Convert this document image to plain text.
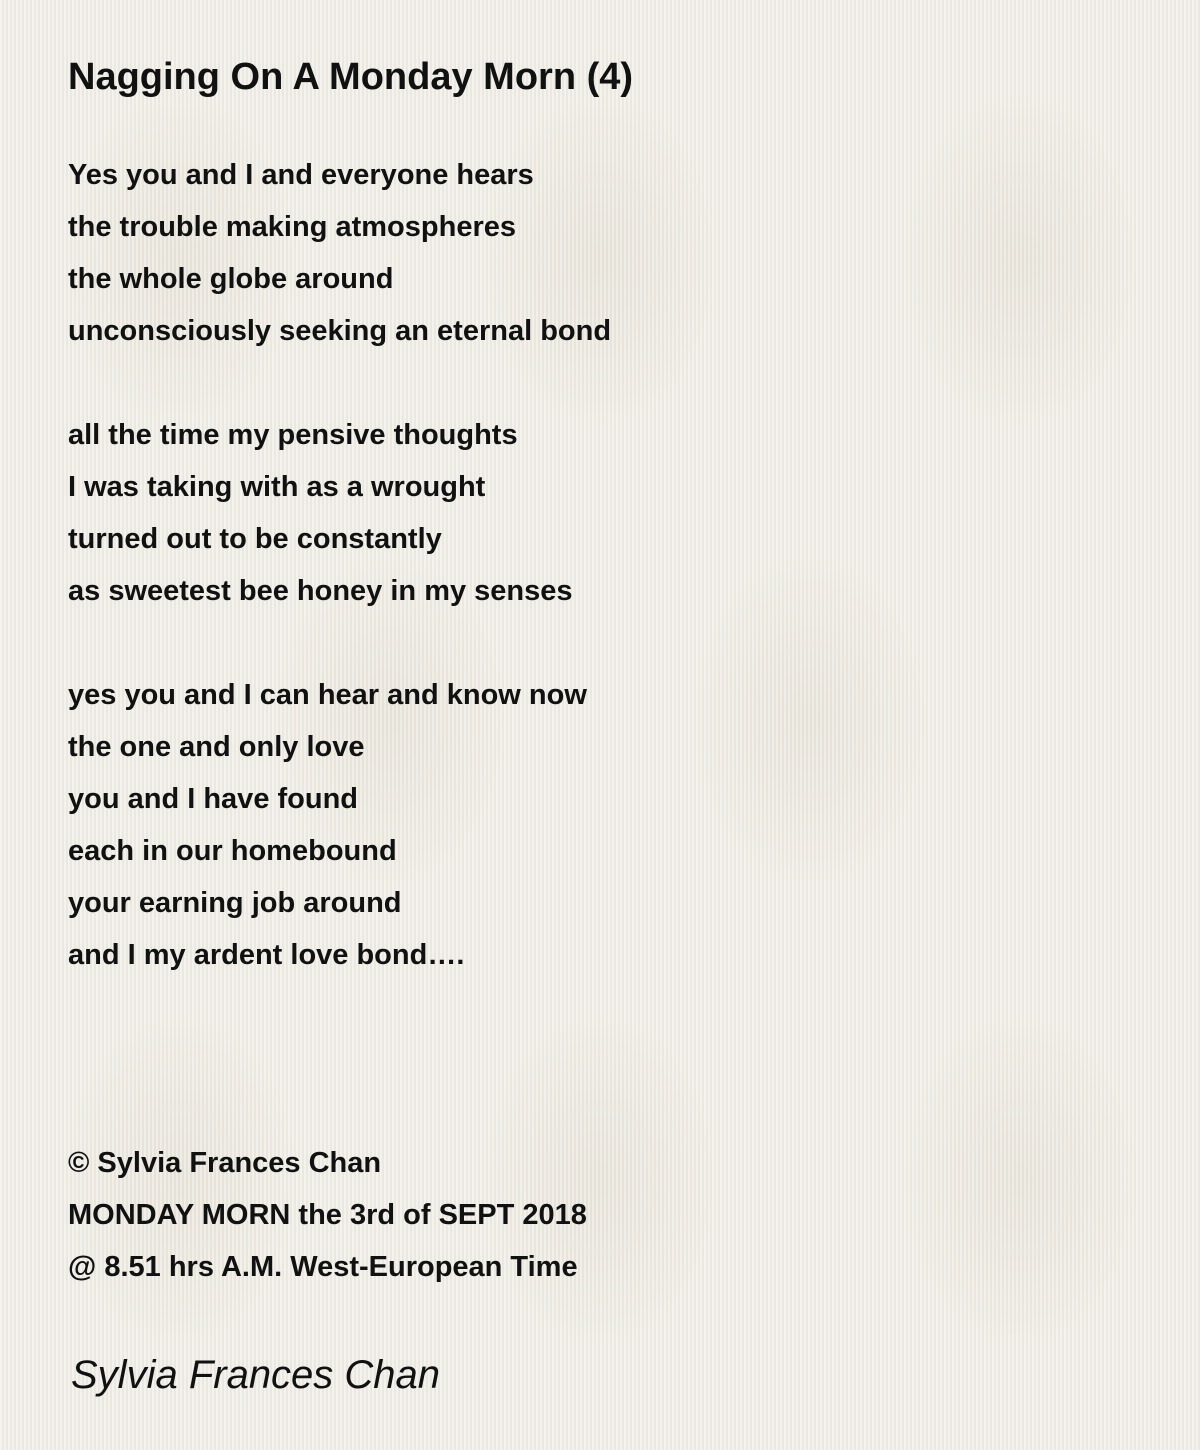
Nagging On A Monday Morn (4)
Yes you and I and everyone hears
the trouble making atmospheres
the whole globe around
unconsciously seeking an eternal bond
all the time my pensive thoughts
I was taking with as a wrought
turned out to be constantly
as sweetest bee honey in my senses
yes you and I can hear and know now
the one and only love
you and I have found
each in our homebound
your earning job around
and I my ardent love bond….
© Sylvia Frances Chan
MONDAY MORN the 3rd of SEPT 2018
@ 8.51 hrs A.M. West-European Time
Sylvia Frances Chan
